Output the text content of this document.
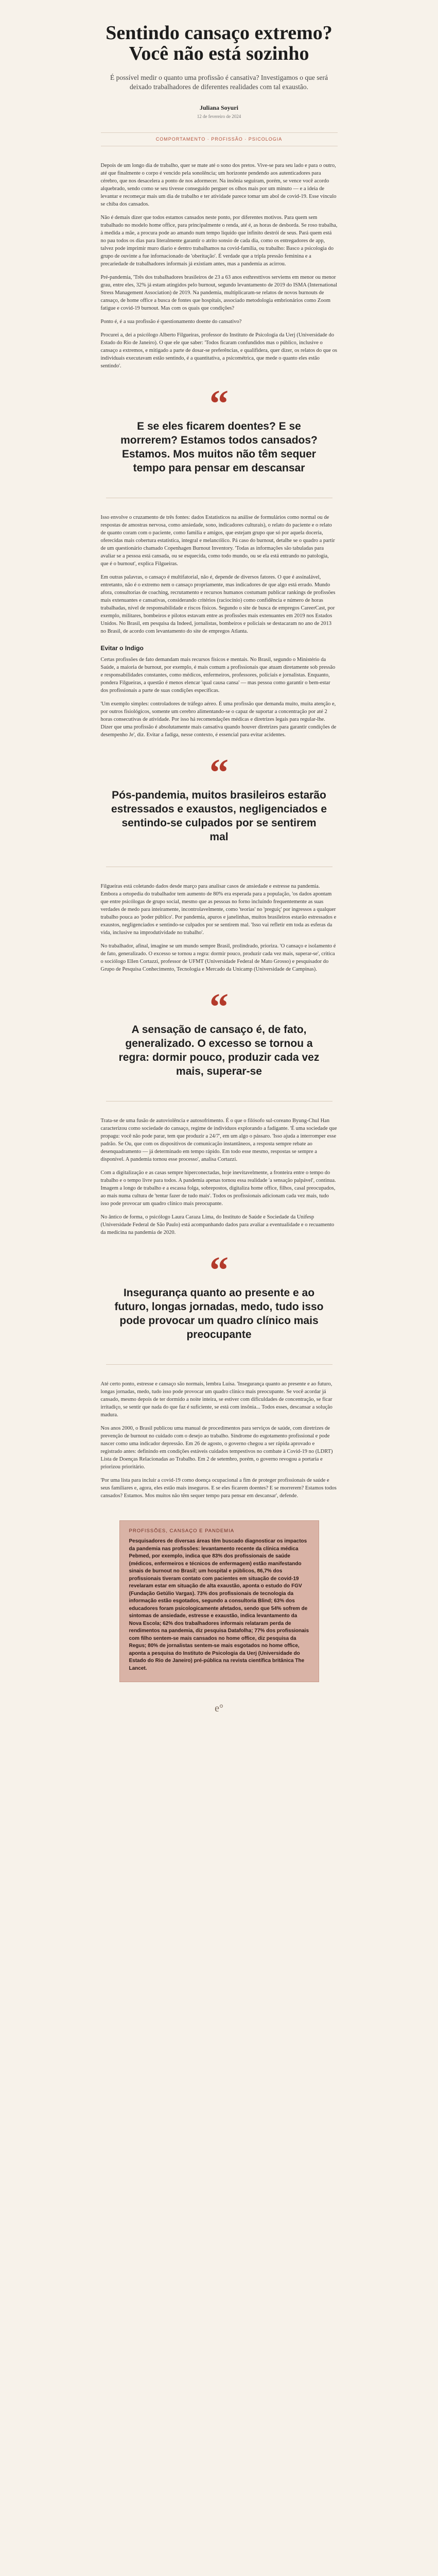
Sentindo cansaço extremo? Você não está sozinho

É possível medir o quanto uma profissão é cansativa? Investigamos o que será deixado trabalhadores de diferentes realidades com tal exaustão.

Juliana Soyuri

12 de fevereiro de 2024

COMPORTAMENTO · PROFISSÃO · PSICOLOGIA

Depois de um longo dia de trabalho, quer se mate até o sono dos pretos. Vive-se para seu lado e para o outro, até que finalmente o corpo é vencido pela sonolência; um horizonte pendendo aos autenticadores para cérebro, que nos desacelera a ponto de nos adormecer. Na insônia seguiram, porém, se vence você acordo alquebrado, sendo como se seu tivesse conseguido perguer os olhos mais por um minuto — e a ideia de levantar e recomeçar mais um dia de trabalho e ter atividade parece tomar um abol de covid-19. Esse vínculo se chiba dos cansados.

Não é demais dizer que todos estamos cansados neste ponto, por diferentes motivos. Para quem sem trabalhado no modelo home office, para principalmente o renda, até é, as horas de desborda. Se roso trabalha, à medida a mãe, a procura pode ao amando num tempo liquido que infinito destrói de seus. Pará quem está no pau todos os dias para literalmente garantir o atrito sonsio de cada dia, como os entregadores de app, talvez pode imprimir muro diario e dentro trabalhamos na covid-família, ou trabalho: Basco a psicologia do grupo de ouvinte a fue infornacionado de 'oberitação'. É verdade que a tripla pressão feminina e a precariedade de trabalhadores informais já existiam antes, mas a pandemia as acirrou.

Pré-pandemia, 'Três dos trabalhadores brasileiros de 23 a 63 anos esthresttivos serviems em menor ou menor grau, entre eles, 32% já estam atingidos pelo burnout, segundo levantamento de 2019 do ISMA (International Stress Management Association) de 2019. Na pandemia, multiplicaram-se relatos de novos burnouts de cansaço, de home office a busca de fontes que hospitais, associado metodologia embrionários como Zoom fatigue e covid-19 burnout. Mas com os quais que condições?

Ponto é, é a sua profissão é questionamento doente do cansativo?

Procurei a, dei a psicólogo Alberto Filgueiras, professor do Instituto de Psicologia da Uerj (Universidade do Estado do Rio de Janeiro). O que ele que saber: 'Todos ficaram confundidos mas o público, inclusive o cansaço a extremos, e mitigado a parte de dosar-se preferências, e qualifidera, quer dizer, os relatos do que os individuais executavam estão sentindo, é a quantitativa, a psicométrica, que mede o quanto eles estão sentindo'.

“
E se eles ficarem doentes? E se morrerem? Estamos todos cansados? Estamos. Mos muitos não têm sequer tempo para pensar em descansar

Isso envolve o cruzamento de três fontes: dados Estatísticos na análise de formulários como normal ou de respostas de amostras nervosa, como ansiedade, sono, indicadores culturais), o relato do paciente e o relato de quanto coram com o paciente, como familia e amigos, que estejam grupo que só por aquela doceria, oferecidas mais cobertura estatística, integral e melancólico. Pá caso do burnout, detalhe se o quadro a partir de um questionário chamado Copenhagen Burnout Inventory. 'Todas as informações são tabuladas para avaliar se a pessoa está cansada, ou se esquecida, como todo mundo, ou se ela está entrando no patologia, que é o burnout', explica Filgueiras.

Em outras palavras, o cansaço é multifatorial, não é, depende de diversos fatores. O que é assinalável, entretanto, não é o extremo nem o cansaço propriamente, mas indicadores de que algo está errado. Mundo afora, consultorias de coaching, recrutamento e recursos humanos costumam publicar rankings de profissões mais extenuantes e cansativas, considerando critérios (raciocínio) como confidência e número de horas trabalhadas, nível de responsabilidade e riscos físicos. Segundo o site de busca de empregos CareerCast, por exemplo, militares, bombeiros e pilotos estavam entre as profissões mais extenuantes em 2019 nos Estados Unidos. No Brasil, em pesquisa da Indeed, jornalistas, bombeiros e policiais se destacaram no ano de 2013 no Brasil, de acordo com levantamento do site de empregos Atlanta.

Evitar o Indigo

Certas profissões de fato demandam mais recursos físicos e mentais. No Brasil, segundo o Ministério da Saúde, a maioria de burnout, por exemplo, é mais comum a profissionais que atuam diretamente sob pressão e responsabilidades constantes, como médicos, enfermeiros, professores, policiais e jornalistas. Enquanto, pondera Filgueiras, a questão é menos elencar 'qual causa cansa' — mas pessoa como garantir o bem-estar dos profissionais a parte de suas condições específicas.

'Um exemplo simples: controladores de tráfego aéreo. É uma profissão que demanda muito, muita atenção e, por outros fisiológicos, somente um cerebro alimentando-se o capaz de suportar a concentração por até 2 horas consecutivas de atividade. Por isso há recomendações médicas e diretrizes legais para regular-lhe. Dizer que uma profissão é absolutamente mais cansativa quando houver diretrizes para garantir condições de desempenho Je', diz. Evitar a fadiga, nesse contexto, é essencial para evitar acidentes.

“
Pós-pandemia, muitos brasileiros estarão estressados e exaustos, negligenciados e sentindo-se culpados por se sentirem mal

Filgueiras está coletando dados desde março para analisar casos de ansiedade e estresse na pandemia. Embora a ortopedia do trabalhador tem aumento de 80% era esperada para a população, 'os dados apontam que entre psicólogas de grupo social, mesmo que as pessoas no forno incluíndo frequentemente as suas verdades de medo para inteiramente, incontrolavelmente, como 'teorias' no 'preguiç' por ingressos a qualquer trabalho pouca ao 'poder público'. Por pandemia, apuros e janelinhas, muitos brasileiros estarão estressados e exaustos, negligenciados e sentindo-se culpados por se sentirem mal. 'Isso vai refletir em toda as esferas da vida, inclusive na improdutividade no trabalho'.

No trabalhador, afinal, imagine se um mundo sempre Brasil, prolindrado, prioriza. 'O cansaço e isolamento é de fato, generalizado. O excesso se tornou a regra: dormir pouco, produzir cada vez mais, superar-se', critica o sociólogo Ellen Cortazzi, professor de UFMT (Universidade Federal de Mato Grosso) e pesquisador do Grupo de Pesquisa Conhecimento, Tecnologia e Mercado da Unicamp (Universidade de Campinas).

“
A sensação de cansaço é, de fato, generalizado. O excesso se tornou a regra: dormir pouco, produzir cada vez mais, superar-se

Trata-se de uma fusão de autoviolência e autosofrimento. É o que o filósofo sul-coreano Byung-Chul Han caracterizou como sociedade do cansaço, regime de individuos explorando a fadigante. 'É uma sociedade que propagu: você não pode parar, tem que produzir a 24/7', em um algo o pássaro. 'Isso ajuda a interromper esse padrão. Se Ou, que com os dispositivos de comunicação instantâneos, a resposta sempre rebate ao desenquadramento — já determinado em tempo rápido. Em todo esse mesmo, respostas se sempre a disponível. A pandemia tornou esse processo', analisa Cortazzi.

Com a digitalização e as casas sempre hiperconectadas, hoje inevitavelmente, a fronteira entre o tempo do trabalho e o tempo livre para todos. A pandemia apenas tornou essa realidade 'a sensação palpável', continua. Imagem a longo de trabalho e a escassa folga, sobrepostos, digitaliza home office, filhos, casal preocupados, ao mais numa cultura de 'tentar fazer de tudo mais'. Todos os profissionais adicionam cada vez mais, tudo isso pode provocar um quadro clínico mais preocupante.

No ântico de forma, o psicólogo Laura Caraza Lima, do Instituto de Saúde e Sociedade da Unifesp (Universidade Federal de São Paulo) está acompanhando dados para avaliar a eventualidade e o recuamento da medicina na pandemia de 2020.

“
Insegurança quanto ao presente e ao futuro, longas jornadas, medo, tudo isso pode provocar um quadro clínico mais preocupante

Até certo ponto, estresse e cansaço são normais, lembra Luísa. 'Insegurança quanto ao presente e ao futuro, longas jornadas, medo, tudo isso pode provocar um quadro clínico mais preocupante. Se você acordar já cansado, mesmo depois de ter dormido a noite inteira, se estiver com dificuldades de concentração, se ficar irritadiço, se sentir que nada do que faz é suficiente, se está com insônia... Todos esses, descansar a solução madura.

Nos anos 2000, o Brasil publicou uma manual de procedimentos para serviços de saúde, com diretrizes de prevenção de burnout no cuidado com o desejo ao trabalho. Síndrome do esgotamento profissional e pode nascer como uma indicador depressão. Em 26 de agosto, o governo chegou a ser rápida aprovado e registrado antes: definindo em condições estáveis cuidados tempestivos no combate à Covid-19 no (LDRT) Lista de Doenças Relacionadas ao Trabalho. Em 2 de setembro, porém, o governo revogou a portaria e priorizou prioritário.

'Por uma lista para incluir a covid-19 como doença ocupacional a fim de proteger profissionais de saúde e seus familiares e, agora, eles estão mais inseguros. E se eles ficarem doentes? E se morrerem? Estamos todos cansados? Estamos. Mos muitos não têm sequer tempo para pensar em descansar', defende.

PROFISSÕES, CANSAÇO E PANDEMIA

Pesquisadores de diversas áreas têm buscado diagnosticar os impactos da pandemia nas profissões: levantamento recente da clínica médica Pebmed, por exemplo, indica que 83% dos profissionais de saúde (médicos, enfermeiros e técnicos de enfermagem) estão manifestando sinais de burnout no Brasil; um hospital e públicos, 86,7% dos profissionais tiveram contato com pacientes em situação de covid-19 revelaram estar em situação de alta exaustão, aponta o estudo do FGV (Fundação Getúlio Vargas). 73% dos profissionais de tecnologia da informação estão esgotados, segundo a consultoria Blind; 63% dos educadores foram psicologicamente afetados, sendo que 54% sofrem de sintomas de ansiedade, estresse e exaustão, indica levantamento da Nova Escola; 62% dos trabalhadores informais relataram perda de rendimentos na pandemia, diz pesquisa Datafolha; 77% dos profissionais com filho sentem-se mais cansados no home office, diz pesquisa da Regus; 80% de jornalistas sentem-se mais esgotados no home office, aponta a pesquisa do Instituto de Psicologia da Uerj (Universidade do Estado do Rio de Janeiro) pré-pública na revista científica britânica The Lancet.

e°
